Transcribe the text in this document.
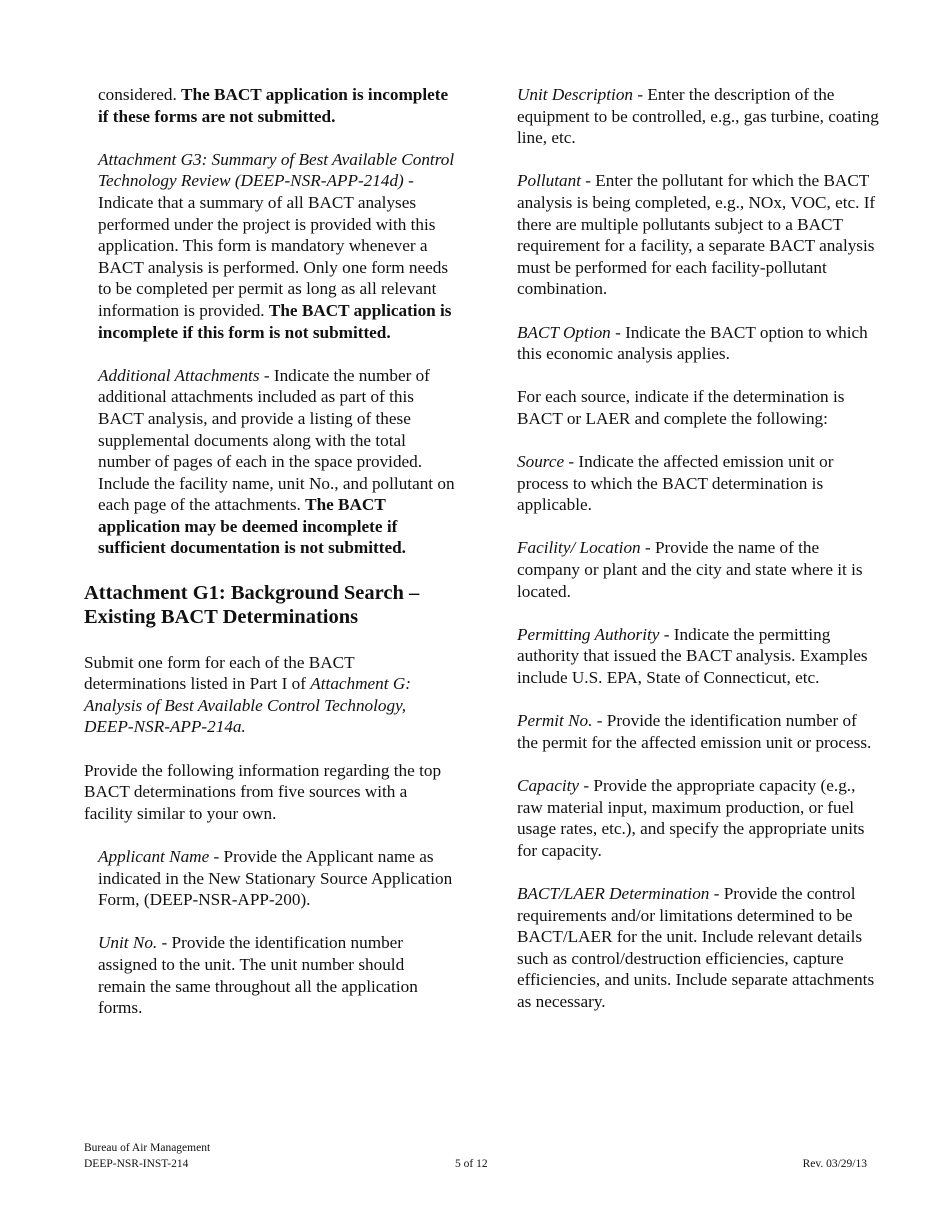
considered. The BACT application is incomplete if these forms are not submitted.

Attachment G3: Summary of Best Available Control Technology Review (DEEP-NSR-APP-214d) - Indicate that a summary of all BACT analyses performed under the project is provided with this application. This form is mandatory whenever a BACT analysis is performed. Only one form needs to be completed per permit as long as all relevant information is provided. The BACT application is incomplete if this form is not submitted.

Additional Attachments - Indicate the number of additional attachments included as part of this BACT analysis, and provide a listing of these supplemental documents along with the total number of pages of each in the space provided. Include the facility name, unit No., and pollutant on each page of the attachments. The BACT application may be deemed incomplete if sufficient documentation is not submitted.

Attachment G1: Background Search – Existing BACT Determinations

Submit one form for each of the BACT determinations listed in Part I of Attachment G: Analysis of Best Available Control Technology, DEEP-NSR-APP-214a.

Provide the following information regarding the top BACT determinations from five sources with a facility similar to your own.

Applicant Name - Provide the Applicant name as indicated in the New Stationary Source Application Form, (DEEP-NSR-APP-200).

Unit No. - Provide the identification number assigned to the unit. The unit number should remain the same throughout all the application forms.

Unit Description - Enter the description of the equipment to be controlled, e.g., gas turbine, coating line, etc.

Pollutant - Enter the pollutant for which the BACT analysis is being completed, e.g., NOx, VOC, etc. If there are multiple pollutants subject to a BACT requirement for a facility, a separate BACT analysis must be performed for each facility-pollutant combination.

BACT Option - Indicate the BACT option to which this economic analysis applies.

For each source, indicate if the determination is BACT or LAER and complete the following:

Source - Indicate the affected emission unit or process to which the BACT determination is applicable.

Facility/ Location - Provide the name of the company or plant and the city and state where it is located.

Permitting Authority - Indicate the permitting authority that issued the BACT analysis. Examples include U.S. EPA, State of Connecticut, etc.

Permit No. - Provide the identification number of the permit for the affected emission unit or process.

Capacity - Provide the appropriate capacity (e.g., raw material input, maximum production, or fuel usage rates, etc.), and specify the appropriate units for capacity.

BACT/LAER Determination - Provide the control requirements and/or limitations determined to be BACT/LAER for the unit. Include relevant details such as control/destruction efficiencies, capture efficiencies, and units. Include separate attachments as necessary.

Bureau of Air Management
DEEP-NSR-INST-214	5 of 12	Rev. 03/29/13
